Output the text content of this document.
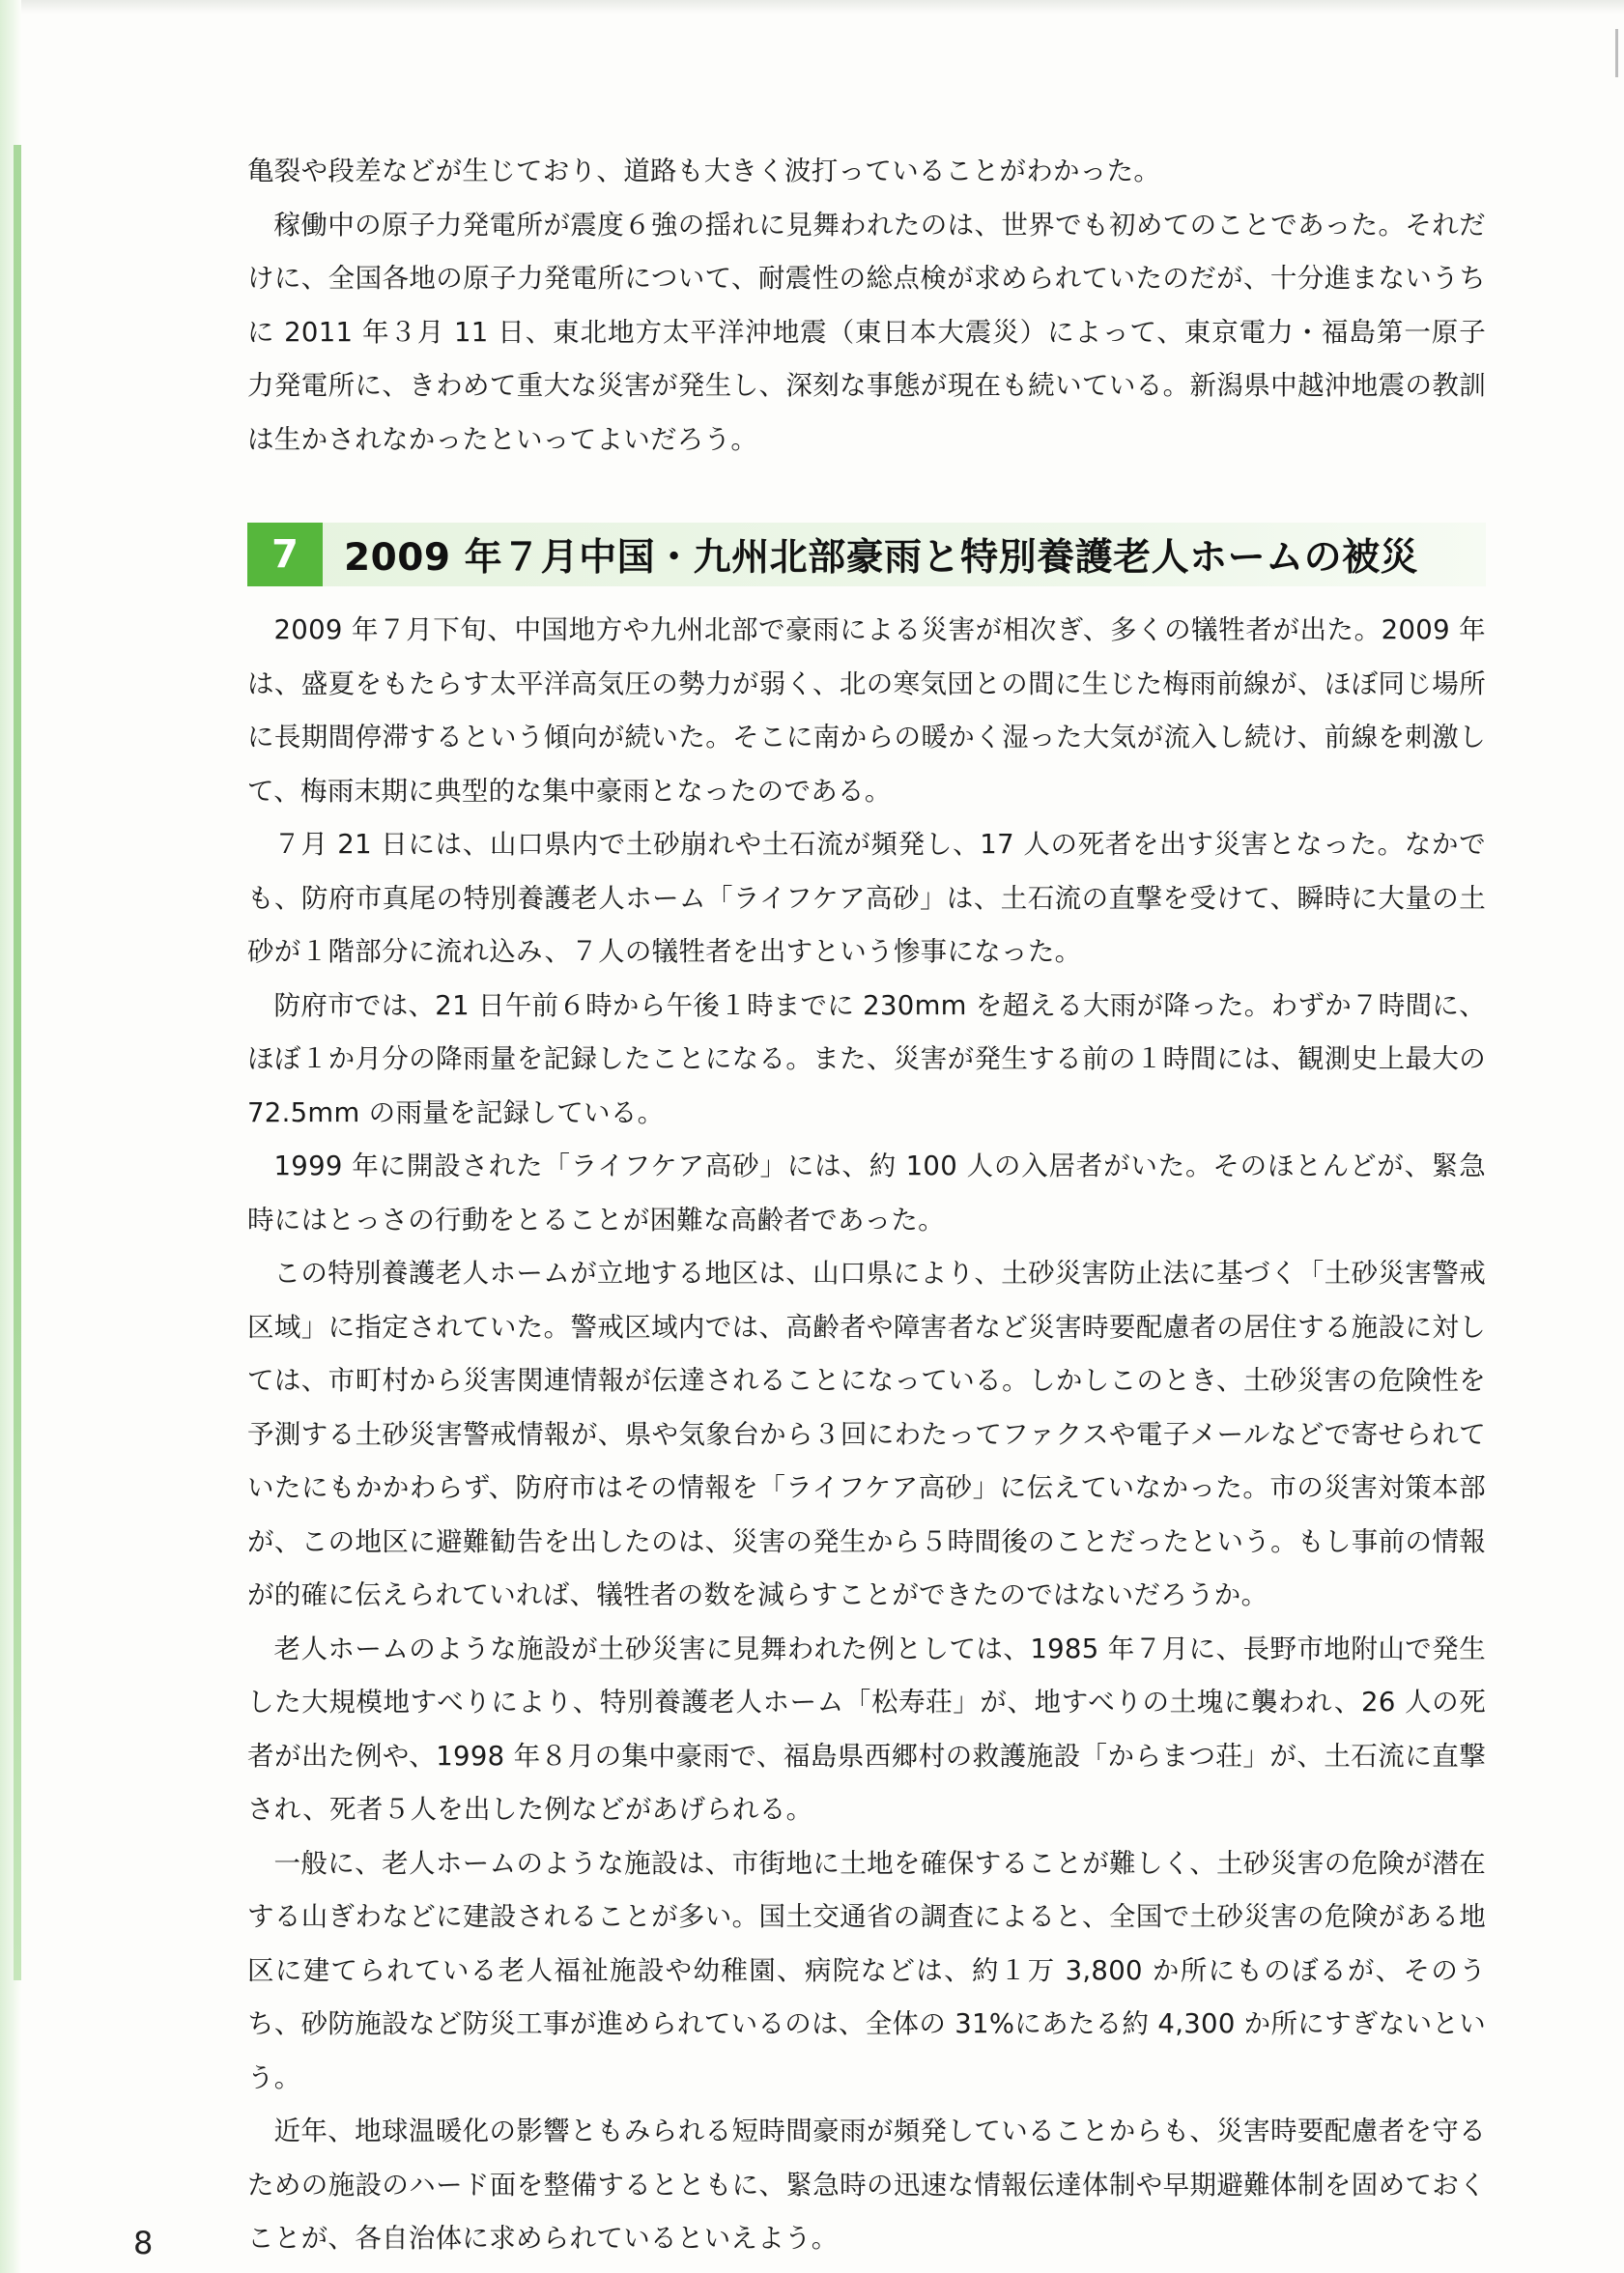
亀裂や段差などが生じており、道路も大きく波打っていることがわかった。

稼働中の原子力発電所が震度６強の揺れに見舞われたのは、世界でも初めてのことであった。それだけに、全国各地の原子力発電所について、耐震性の総点検が求められていたのだが、十分進まないうちに 2011 年３月 11 日、東北地方太平洋沖地震（東日本大震災）によって、東京電力・福島第一原子力発電所に、きわめて重大な災害が発生し、深刻な事態が現在も続いている。新潟県中越沖地震の教訓は生かされなかったといってよいだろう。

7	2009 年７月中国・九州北部豪雨と特別養護老人ホームの被災

2009 年７月下旬、中国地方や九州北部で豪雨による災害が相次ぎ、多くの犠牲者が出た。2009 年は、盛夏をもたらす太平洋高気圧の勢力が弱く、北の寒気団との間に生じた梅雨前線が、ほぼ同じ場所に長期間停滞するという傾向が続いた。そこに南からの暖かく湿った大気が流入し続け、前線を刺激して、梅雨末期に典型的な集中豪雨となったのである。

７月 21 日には、山口県内で土砂崩れや土石流が頻発し、17 人の死者を出す災害となった。なかでも、防府市真尾の特別養護老人ホーム「ライフケア高砂」は、土石流の直撃を受けて、瞬時に大量の土砂が１階部分に流れ込み、７人の犠牲者を出すという惨事になった。

防府市では、21 日午前６時から午後１時までに 230mm を超える大雨が降った。わずか７時間に、ほぼ１か月分の降雨量を記録したことになる。また、災害が発生する前の１時間には、観測史上最大の 72.5mm の雨量を記録している。

1999 年に開設された「ライフケア高砂」には、約 100 人の入居者がいた。そのほとんどが、緊急時にはとっさの行動をとることが困難な高齢者であった。

この特別養護老人ホームが立地する地区は、山口県により、土砂災害防止法に基づく「土砂災害警戒区域」に指定されていた。警戒区域内では、高齢者や障害者など災害時要配慮者の居住する施設に対しては、市町村から災害関連情報が伝達されることになっている。しかしこのとき、土砂災害の危険性を予測する土砂災害警戒情報が、県や気象台から３回にわたってファクスや電子メールなどで寄せられていたにもかかわらず、防府市はその情報を「ライフケア高砂」に伝えていなかった。市の災害対策本部が、この地区に避難勧告を出したのは、災害の発生から５時間後のことだったという。もし事前の情報が的確に伝えられていれば、犠牲者の数を減らすことができたのではないだろうか。

老人ホームのような施設が土砂災害に見舞われた例としては、1985 年７月に、長野市地附山で発生した大規模地すべりにより、特別養護老人ホーム「松寿荘」が、地すべりの土塊に襲われ、26 人の死者が出た例や、1998 年８月の集中豪雨で、福島県西郷村の救護施設「からまつ荘」が、土石流に直撃され、死者５人を出した例などがあげられる。

一般に、老人ホームのような施設は、市街地に土地を確保することが難しく、土砂災害の危険が潜在する山ぎわなどに建設されることが多い。国土交通省の調査によると、全国で土砂災害の危険がある地区に建てられている老人福祉施設や幼稚園、病院などは、約１万 3,800 か所にものぼるが、そのうち、砂防施設など防災工事が進められているのは、全体の 31%にあたる約 4,300 か所にすぎないという。

近年、地球温暖化の影響ともみられる短時間豪雨が頻発していることからも、災害時要配慮者を守るための施設のハード面を整備するとともに、緊急時の迅速な情報伝達体制や早期避難体制を固めておくことが、各自治体に求められているといえよう。

8
